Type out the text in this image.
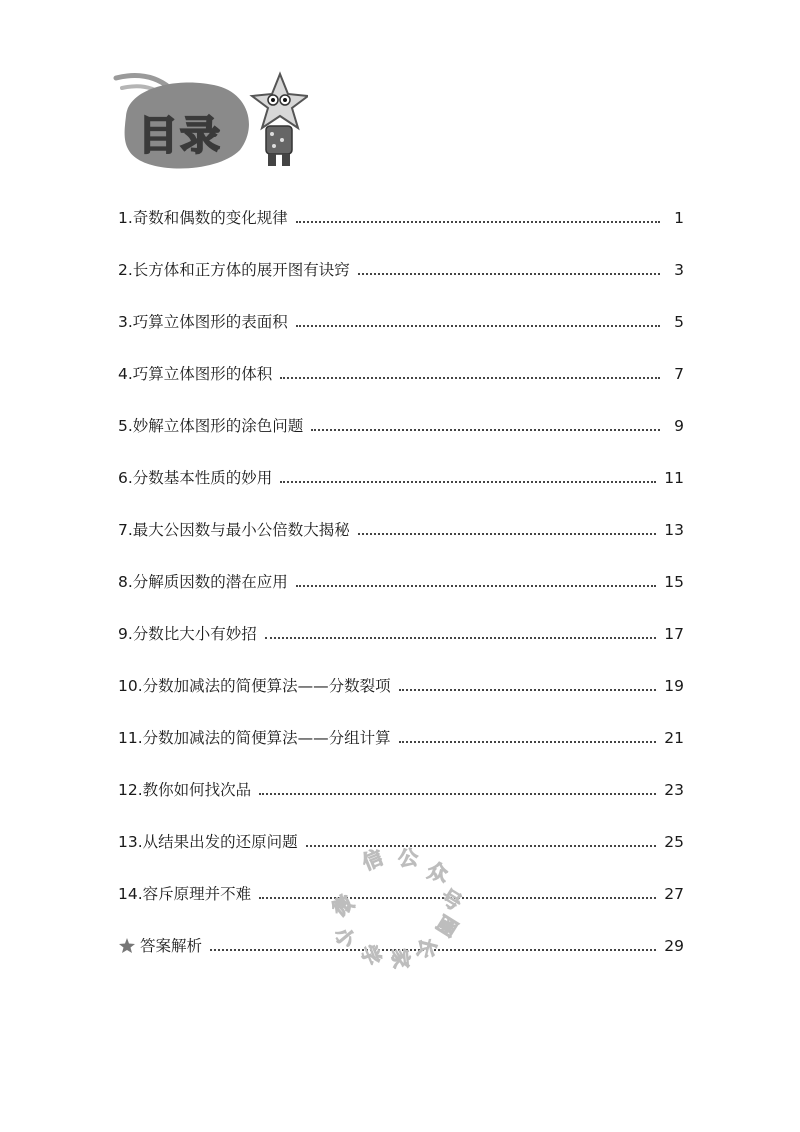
目录
1.奇数和偶数的变化规律	1
2.长方体和正方体的展开图有诀窍	3
3.巧算立体图形的表面积	5
4.巧算立体图形的体积	7
5.妙解立体图形的涂色问题	9
6.分数基本性质的妙用	11
7.最大公因数与最小公倍数大揭秘	13
8.分解质因数的潜在应用	15
9.分数比大小有妙招	17
10.分数加减法的简便算法——分数裂项	19
11.分数加减法的简便算法——分组计算	21
12.教你如何找次品	23
13.从结果出发的还原问题	25
14.容斥原理并不难	27
答案解析	29
微
信 公 众
号
小
学 家 长
圈
